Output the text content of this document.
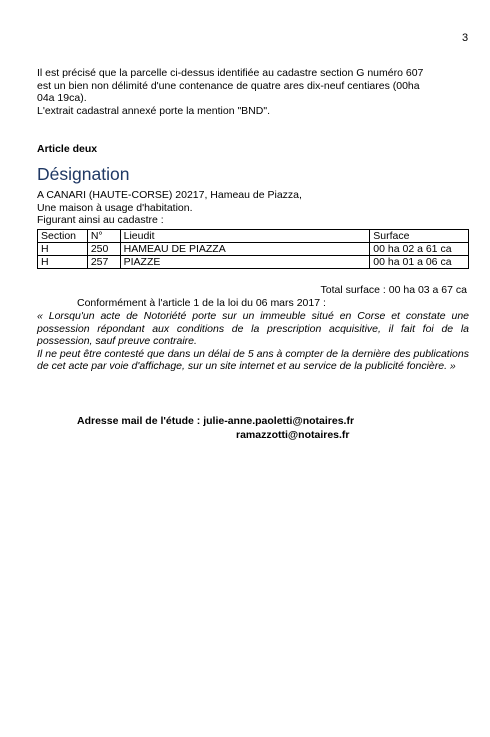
3
Il est précisé que la parcelle ci-dessus identifiée au cadastre section G numéro 607
est un bien non délimité d'une contenance de quatre ares dix-neuf centiares (00ha
04a 19ca).
L'extrait cadastral annexé porte la mention "BND".
Article deux
Désignation
A CANARI (HAUTE-CORSE) 20217, Hameau de Piazza,
Une maison à usage d'habitation.
Figurant ainsi au cadastre :
Section	N°	Lieudit	Surface
H	250	HAMEAU DE PIAZZA	00 ha 02 a 61 ca
H	257	PIAZZE	00 ha 01 a 06 ca
Total surface : 00 ha 03 a 67 ca
Conformément à l'article 1 de la loi du 06 mars 2017 :

« Lorsqu'un acte de Notoriété porte sur un immeuble situé en Corse et constate une possession répondant aux conditions de la prescription acquisitive, il fait foi de la possession, sauf preuve contraire.

Il ne peut être contesté que dans un délai de 5 ans à compter de la dernière des publications de cet acte par voie d'affichage, sur un site internet et au service de la publicité foncière. »

Adresse mail de l'étude : julie-anne.paoletti@notaires.fr
ramazzotti@notaires.fr
